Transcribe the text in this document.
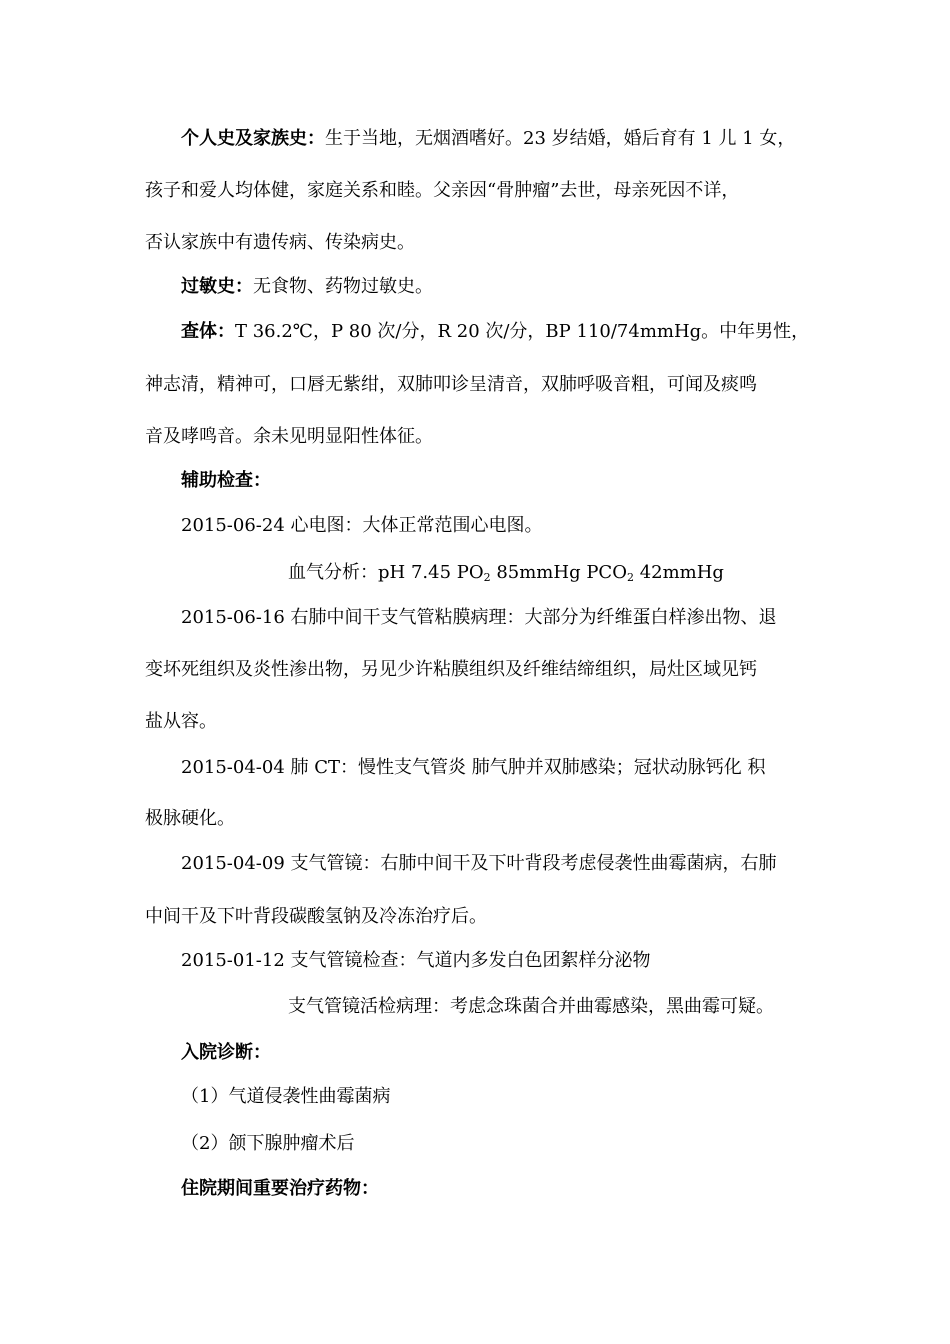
个人史及家族史：生于当地，无烟酒嗜好。23 岁结婚，婚后育有 1 儿 1 女，
孩子和爱人均体健，家庭关系和睦。父亲因“骨肿瘤”去世，母亲死因不详，
否认家族中有遗传病、传染病史。
过敏史：无食物、药物过敏史。
查体：T 36.2℃，P 80 次/分，R 20 次/分，BP 110/74mmHg。中年男性，
神志清，精神可，口唇无紫绀，双肺叩诊呈清音，双肺呼吸音粗，可闻及痰鸣
音及哮鸣音。余未见明显阳性体征。
辅助检查：
2015-06-24 心电图：大体正常范围心电图。
血气分析：pH 7.45 $PO_2$ 85mmHg $PCO_2$ 42mmHg
2015-06-16 右肺中间干支气管粘膜病理：大部分为纤维蛋白样渗出物、退
变坏死组织及炎性渗出物，另见少许粘膜组织及纤维结缔组织，局灶区域见钙
盐从容。
2015-04-04 肺 CT：慢性支气管炎 肺气肿并双肺感染；冠状动脉钙化 积
极脉硬化。
2015-04-09 支气管镜：右肺中间干及下叶背段考虑侵袭性曲霉菌病，右肺
中间干及下叶背段碳酸氢钠及冷冻治疗后。
2015-01-12 支气管镜检查：气道内多发白色团絮样分泌物
支气管镜活检病理：考虑念珠菌合并曲霉感染，黑曲霉可疑。
入院诊断：
（1）气道侵袭性曲霉菌病
（2）颌下腺肿瘤术后
住院期间重要治疗药物：
